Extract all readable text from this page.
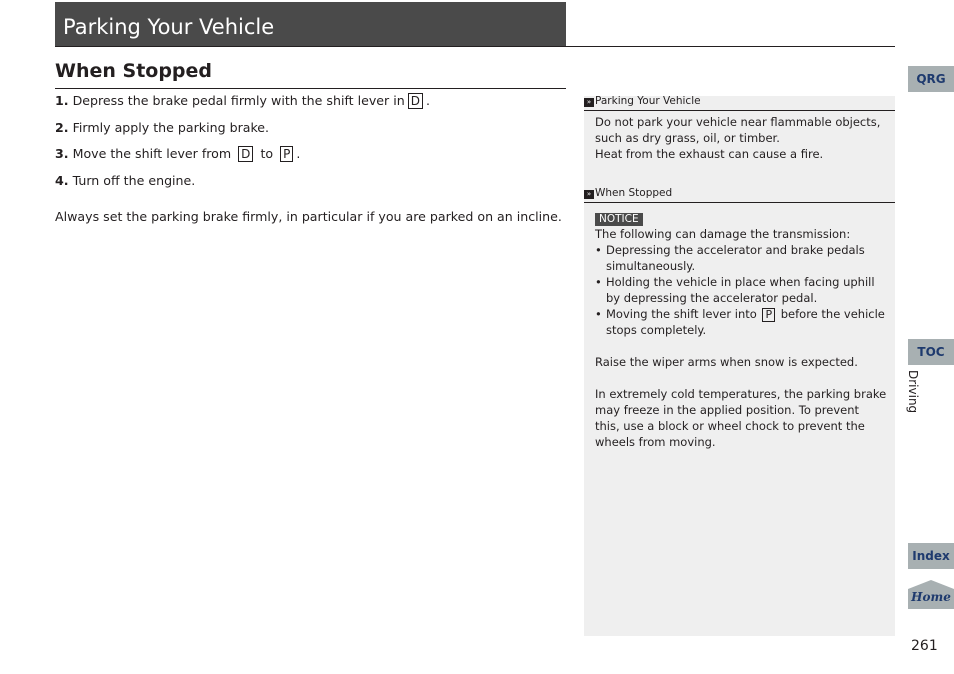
Parking Your Vehicle
When Stopped
1. Depress the brake pedal firmly with the shift lever in D .
2. Firmly apply the parking brake.
3. Move the shift lever from D to P .
4. Turn off the engine.
Always set the parking brake firmly, in particular if you are parked on an incline.
» Parking Your Vehicle
Do not park your vehicle near flammable objects,
such as dry grass, oil, or timber.
Heat from the exhaust can cause a fire.
» When Stopped
NOTICE
The following can damage the transmission:
• Depressing the accelerator and brake pedals simultaneously.
• Holding the vehicle in place when facing uphill by depressing the accelerator pedal.
• Moving the shift lever into P before the vehicle stops completely.
Raise the wiper arms when snow is expected.
In extremely cold temperatures, the parking brake may freeze in the applied position. To prevent this, use a block or wheel chock to prevent the wheels from moving.
QRG
TOC
Driving
Index
Home
261
